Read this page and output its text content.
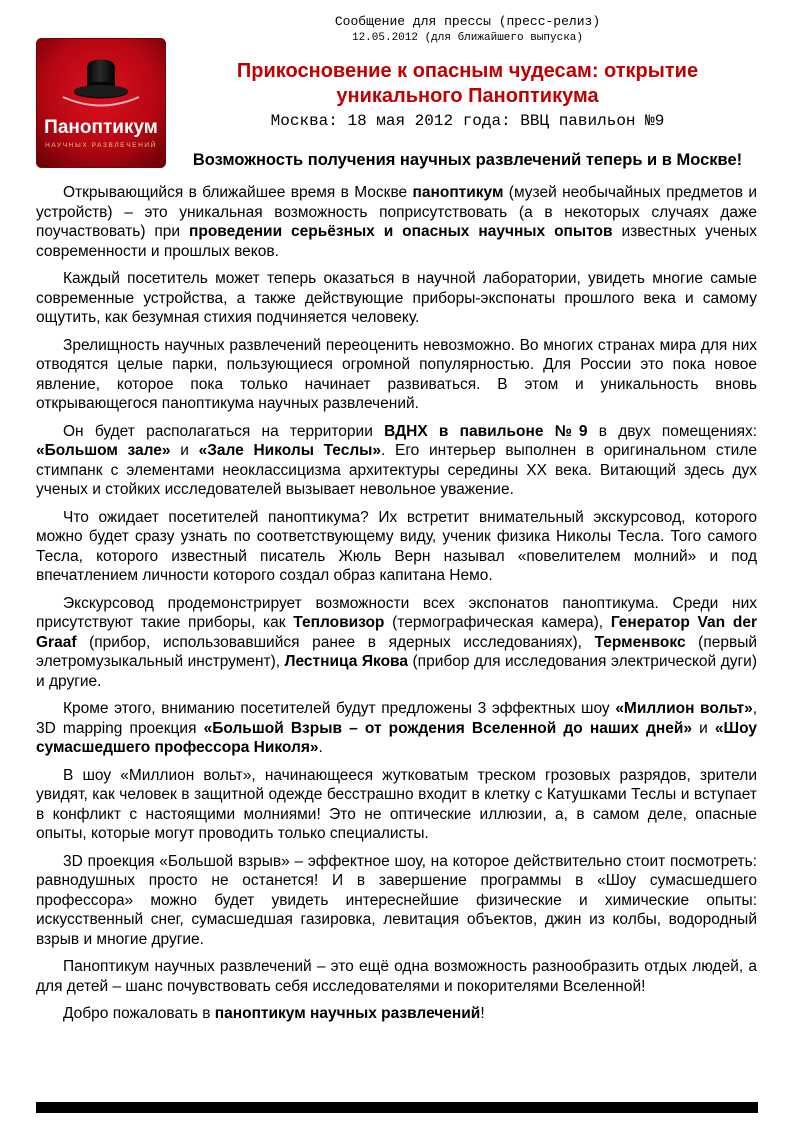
Паноптикум
НАУЧНЫХ РАЗВЛЕЧЕНИЙ
Сообщение для прессы (пресс-релиз)
12.05.2012 (для ближайшего выпуска)
Прикосновение к опасным чудесам: открытие уникального Паноптикума
Москва: 18 мая 2012 года: ВВЦ павильон №9
Возможность получения научных развлечений теперь и в Москве!

Открывающийся в ближайшее время в Москве паноптикум (музей необычайных предметов и устройств) – это уникальная возможность поприсутствовать (а в некоторых случаях даже поучаствовать) при проведении серьёзных и опасных научных опытов известных ученых современности и прошлых веков.

Каждый посетитель может теперь оказаться в научной лаборатории, увидеть многие самые современные устройства, а также действующие приборы-экспонаты прошлого века и самому ощутить, как безумная стихия подчиняется человеку.

Зрелищность научных развлечений переоценить невозможно. Во многих странах мира для них отводятся целые парки, пользующиеся огромной популярностью. Для России это пока новое явление, которое пока только начинает развиваться. В этом и уникальность вновь открывающегося паноптикума научных развлечений.

Он будет располагаться на территории ВДНХ в павильоне №9 в двух помещениях: «Большом зале» и «Зале Николы Теслы». Его интерьер выполнен в оригинальном стиле стимпанк с элементами неоклассицизма архитектуры середины XX века. Витающий здесь дух ученых и стойких исследователей вызывает невольное уважение.

Что ожидает посетителей паноптикума? Их встретит внимательный экскурсовод, которого можно будет сразу узнать по соответствующему виду, ученик физика Николы Тесла. Того самого Тесла, которого известный писатель Жюль Верн называл «повелителем молний» и под впечатлением личности которого создал образ капитана Немо.

Экскурсовод продемонстрирует возможности всех экспонатов паноптикума. Среди них присутствуют такие приборы, как Тепловизор (термографическая камера), Генератор Van der Graaf (прибор, использовавшийся ранее в ядерных исследованиях), Терменвокс (первый элетромузыкальный инструмент), Лестница Якова (прибор для исследования электрической дуги) и другие.

Кроме этого, вниманию посетителей будут предложены 3 эффектных шоу «Миллион вольт», 3D mapping проекция «Большой Взрыв – от рождения Вселенной до наших дней» и «Шоу сумасшедшего профессора Николя».

В шоу «Миллион вольт», начинающееся жутковатым треском грозовых разрядов, зрители увидят, как человек в защитной одежде бесстрашно входит в клетку с Катушками Теслы и вступает в конфликт с настоящими молниями! Это не оптические иллюзии, а, в самом деле, опасные опыты, которые могут проводить только специалисты.

3D проекция «Большой взрыв» – эффектное шоу, на которое действительно стоит посмотреть: равнодушных просто не останется! И в завершение программы в «Шоу сумасшедшего профессора» можно будет увидеть интереснейшие физические и химические опыты: искусственный снег, сумасшедшая газировка, левитация объектов, джин из колбы, водородный взрыв и многие другие.

Паноптикум научных развлечений – это ещё одна возможность разнообразить отдых людей, а для детей – шанс почувствовать себя исследователями и покорителями Вселенной!

Добро пожаловать в паноптикум научных развлечений!
